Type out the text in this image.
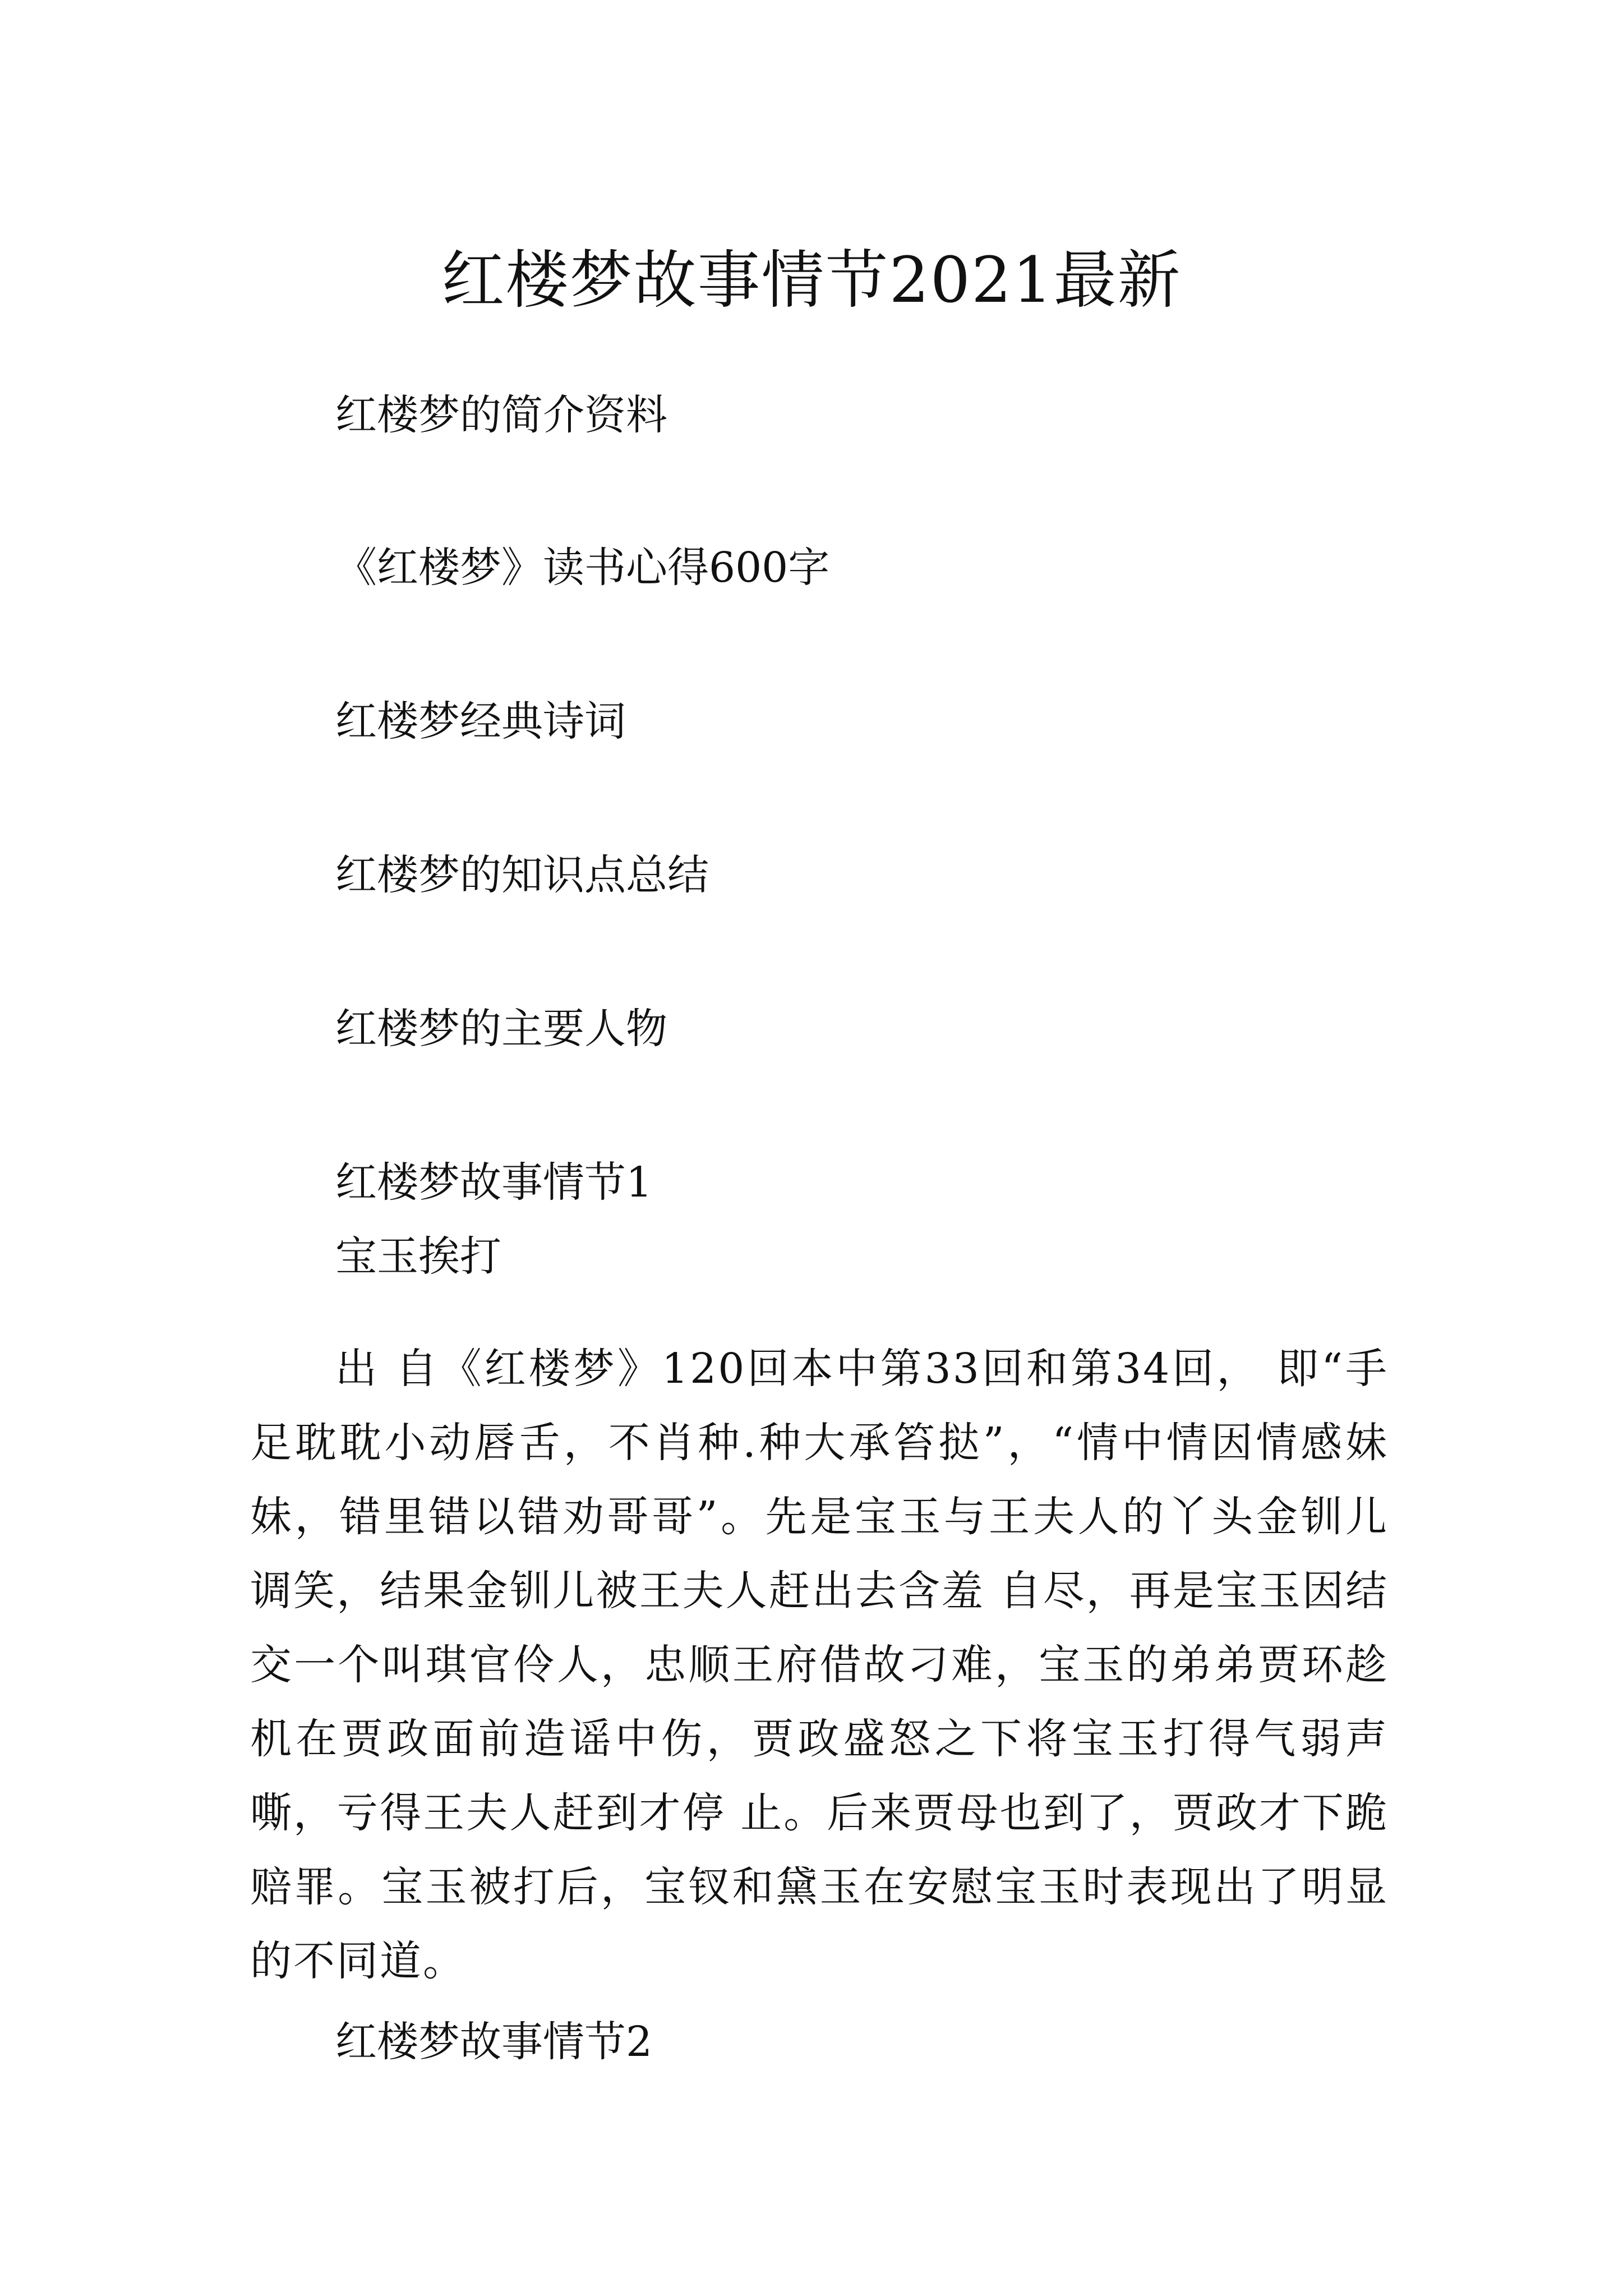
红楼梦故事情节2021最新
红楼梦的简介资料
《红楼梦》读书心得600字
红楼梦经典诗词
红楼梦的知识点总结
红楼梦的主要人物
红楼梦故事情节1
宝玉挨打

出 自《红楼梦》120回本中第33回和第34回， 即“手足耽耽小动唇舌，不肖种.种大承笞挞”，“情中情因情感妹妹，错里错以错劝哥哥”。先是宝玉与王夫人的丫头金钏儿调笑，结果金钏儿被王夫人赶出去含羞 自尽，再是宝玉因结交一个叫琪官伶人，忠顺王府借故刁难，宝玉的弟弟贾环趁机在贾政面前造谣中伤，贾政盛怒之下将宝玉打得气弱声嘶，亏得王夫人赶到才停 止。后来贾母也到了，贾政才下跪赔罪。宝玉被打后，宝钗和黛玉在安慰宝玉时表现出了明显的不同道。

红楼梦故事情节2
